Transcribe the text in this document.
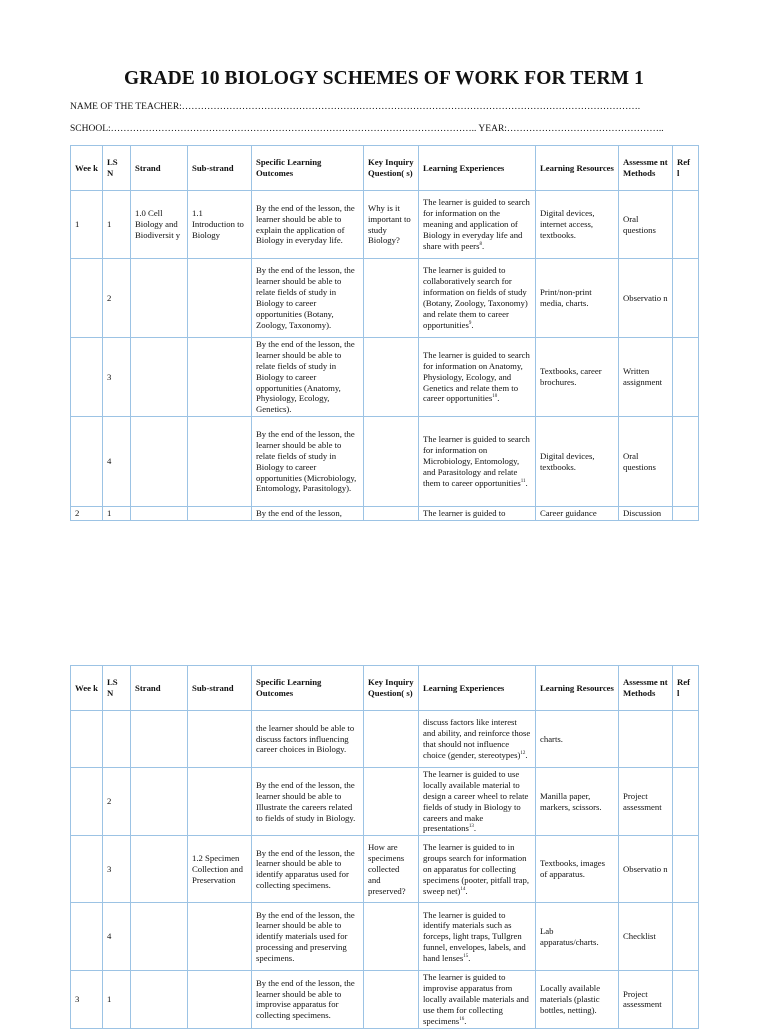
GRADE 10 BIOLOGY SCHEMES OF WORK FOR TERM 1
NAME OF THE TEACHER:……………………………………………………………………………………………………………………………….
SCHOOL:…………………………………………………………………………………………………….. YEAR:…………………………………………..
Wee k	LS N	Strand	Sub-strand	Specific Learning Outcomes	Key Inquiry Question( s)	Learning Experiences	Learning Resources	Assessme nt Methods	Ref l
1	1	1.0 Cell Biology and Biodiversit y	1.1 Introduction to Biology	By the end of the lesson, the learner should be able to explain the application of Biology in everyday life.	Why is it important to study Biology?	The learner is guided to search for information on the meaning and application of Biology in everyday life and share with peers$^8$.	Digital devices, internet access, textbooks.	Oral questions	
	2			By the end of the lesson, the learner should be able to relate fields of study in Biology to career opportunities (Botany, Zoology, Taxonomy).		The learner is guided to collaboratively search for information on fields of study (Botany, Zoology, Taxonomy) and relate them to career opportunities$^9$.	Print/non-print media, charts.	Observatio n	
	3			By the end of the lesson, the learner should be able to relate fields of study in Biology to career opportunities (Anatomy, Physiology, Ecology, Genetics).		The learner is guided to search for information on Anatomy, Physiology, Ecology, and Genetics and relate them to career opportunities$^{10}$.	Textbooks, career brochures.	Written assignment	
	4			By the end of the lesson, the learner should be able to relate fields of study in Biology to career opportunities (Microbiology, Entomology, Parasitology).		The learner is guided to search for information on Microbiology, Entomology, and Parasitology and relate them to career opportunities$^{11}$.	Digital devices, textbooks.	Oral questions	
2	1			By the end of the lesson,		The learner is guided to	Career guidance	Discussion	
Wee k	LS N	Strand	Sub-strand	Specific Learning Outcomes	Key Inquiry Question( s)	Learning Experiences	Learning Resources	Assessme nt Methods	Ref l
				the learner should be able to discuss factors influencing career choices in Biology.		discuss factors like interest and ability, and reinforce those that should not influence choice (gender, stereotypes)$^{12}$.	charts.		
	2			By the end of the lesson, the learner should be able to Illustrate the careers related to fields of study in Biology.		The learner is guided to use locally available material to design a career wheel to relate fields of study in Biology to careers and make presentations$^{13}$.	Manilla paper, markers, scissors.	Project assessment	
	3		1.2 Specimen Collection and Preservation	By the end of the lesson, the learner should be able to identify apparatus used for collecting specimens.	How are specimens collected and preserved?	The learner is guided to in groups search for information on apparatus for collecting specimens (pooter, pitfall trap, sweep net)$^{14}$.	Textbooks, images of apparatus.	Observatio n	
	4			By the end of the lesson, the learner should be able to identify materials used for processing and preserving specimens.		The learner is guided to identify materials such as forceps, light traps, Tullgren funnel, envelopes, labels, and hand lenses$^{15}$.	Lab apparatus/charts.	Checklist	
3	1			By the end of the lesson, the learner should be able to improvise apparatus for collecting specimens.		The learner is guided to improvise apparatus from locally available materials and use them for collecting specimens$^{16}$.	Locally available materials (plastic bottles, netting).	Project assessment	
